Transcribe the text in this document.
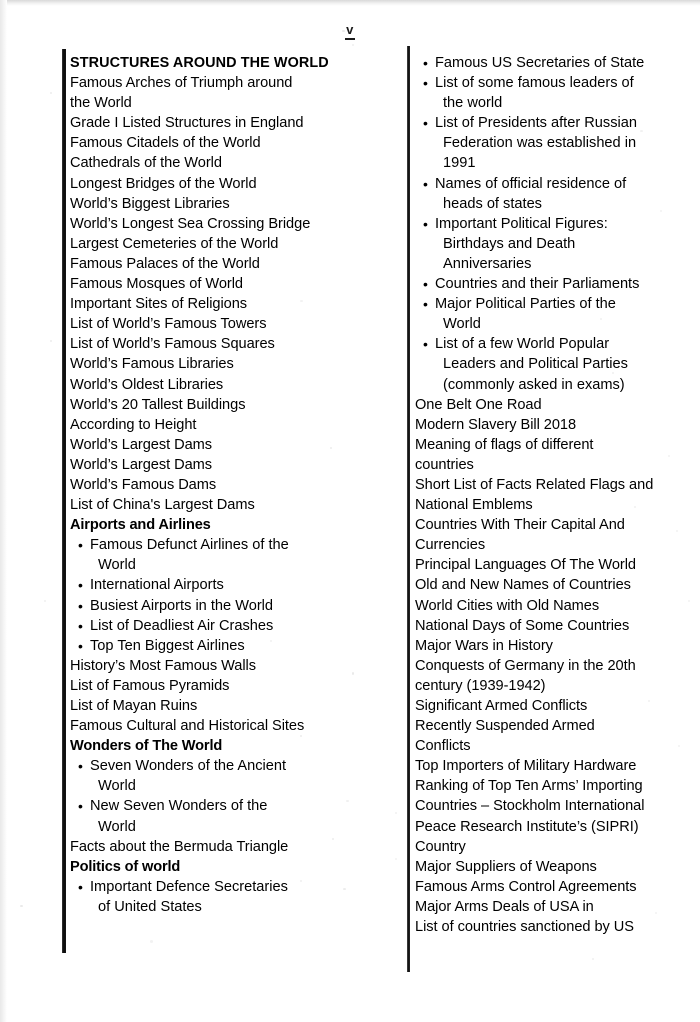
v
STRUCTURES AROUND THE WORLD
Famous Arches of Triumph around
the World
Grade I Listed Structures in England
Famous Citadels of the World
Cathedrals of the World
Longest Bridges of the World
World’s Biggest Libraries
World’s Longest Sea Crossing Bridge
Largest Cemeteries of the World
Famous Palaces of the World
Famous Mosques of World
Important Sites of Religions
List of World’s Famous Towers
List of World’s Famous Squares
World’s Famous Libraries
World’s Oldest Libraries
World’s 20 Tallest Buildings
According to Height
World’s Largest Dams
World’s Largest Dams
World’s Famous Dams
List of China's Largest Dams
Airports and Airlines
• Famous Defunct Airlines of the
World
• International Airports
• Busiest Airports in the World
• List of Deadliest Air Crashes
• Top Ten Biggest Airlines
History’s Most Famous Walls
List of Famous Pyramids
List of Mayan Ruins
Famous Cultural and Historical Sites
Wonders of The World
• Seven Wonders of the Ancient
World
• New Seven Wonders of the
World
Facts about the Bermuda Triangle
Politics of world
• Important Defence Secretaries
of United States
• Famous US Secretaries of State
• List of some famous leaders of
the world
• List of Presidents after Russian
Federation was established in
1991
• Names of official residence of
heads of states
• Important Political Figures:
Birthdays and Death
Anniversaries
• Countries and their Parliaments
• Major Political Parties of the
World
• List of a few World Popular
Leaders and Political Parties
(commonly asked in exams)
One Belt One Road
Modern Slavery Bill 2018
Meaning of flags of different
countries
Short List of Facts Related Flags and
National Emblems
Countries With Their Capital And
Currencies
Principal Languages Of The World
Old and New Names of Countries
World Cities with Old Names
National Days of Some Countries
Major Wars in History
Conquests of Germany in the 20th
century (1939-1942)
Significant Armed Conflicts
Recently Suspended Armed
Conflicts
Top Importers of Military Hardware
Ranking of Top Ten Arms’ Importing
Countries – Stockholm International
Peace Research Institute’s (SIPRI)
Country
Major Suppliers of Weapons
Famous Arms Control Agreements
Major Arms Deals of USA in
List of countries sanctioned by US
